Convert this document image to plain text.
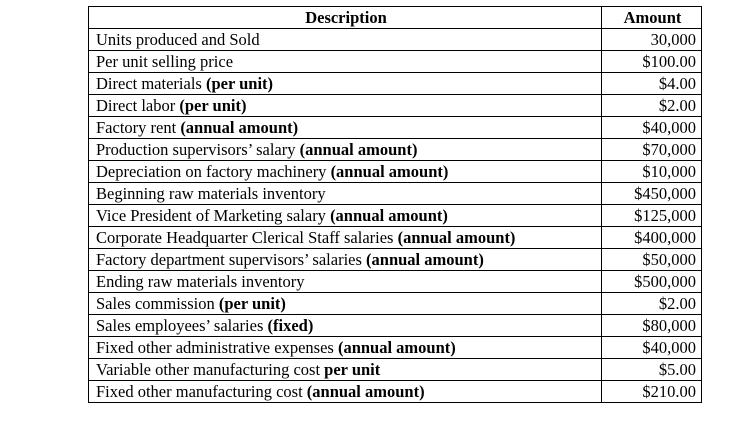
Description	Amount
Units produced and Sold	30,000
Per unit selling price	$100.00
Direct materials (per unit)	$4.00
Direct labor (per unit)	$2.00
Factory rent (annual amount)	$40,000
Production supervisors’ salary (annual amount)	$70,000
Depreciation on factory machinery (annual amount)	$10,000
Beginning raw materials inventory	$450,000
Vice President of Marketing salary (annual amount)	$125,000
Corporate Headquarter Clerical Staff salaries (annual amount)	$400,000
Factory department supervisors’ salaries (annual amount)	$50,000
Ending raw materials inventory	$500,000
Sales commission (per unit)	$2.00
Sales employees’ salaries (fixed)	$80,000
Fixed other administrative expenses (annual amount)	$40,000
Variable other manufacturing cost per unit	$5.00
Fixed other manufacturing cost (annual amount)	$210.00
